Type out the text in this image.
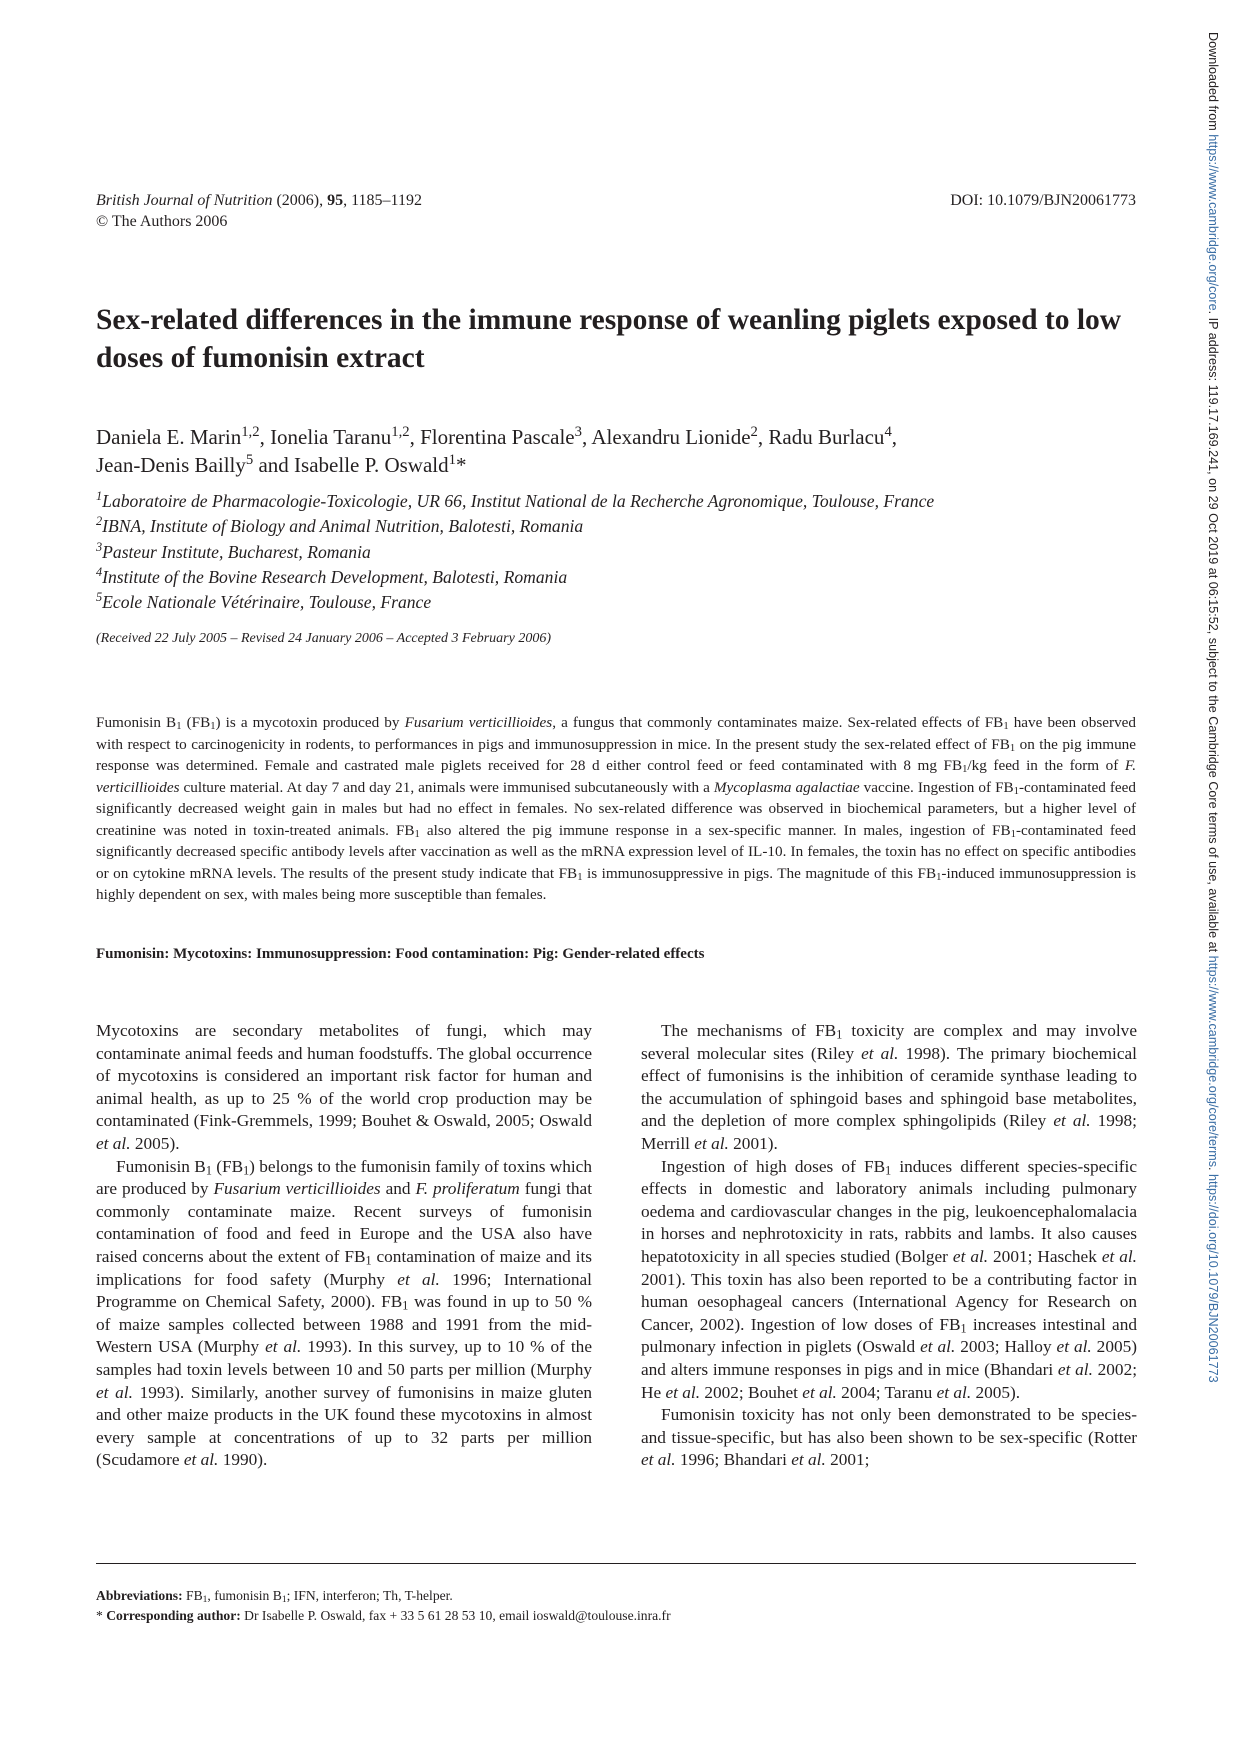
Downloaded from https://www.cambridge.org/core. IP address: 119.17.169.241, on 29 Oct 2019 at 06:15:52, subject to the Cambridge Core terms of use, available at https://www.cambridge.org/core/terms. https://doi.org/10.1079/BJN20061773
British Journal of Nutrition (2006), 95, 1185–1192
© The Authors 2006
DOI: 10.1079/BJN20061773
Sex-related differences in the immune response of weanling piglets exposed to low doses of fumonisin extract
Daniela E. Marin$^{1,2}$, Ionelia Taranu$^{1,2}$, Florentina Pascale$^3$, Alexandru Lionide$^2$, Radu Burlacu$^4$,
Jean-Denis Bailly$^5$ and Isabelle P. Oswald$^1$*
$^1$Laboratoire de Pharmacologie-Toxicologie, UR 66, Institut National de la Recherche Agronomique, Toulouse, France
$^2$IBNA, Institute of Biology and Animal Nutrition, Balotesti, Romania
$^3$Pasteur Institute, Bucharest, Romania
$^4$Institute of the Bovine Research Development, Balotesti, Romania
$^5$Ecole Nationale Vétérinaire, Toulouse, France
(Received 22 July 2005 – Revised 24 January 2006 – Accepted 3 February 2006)

Fumonisin $B_1$ $(FB_1)$ is a mycotoxin produced by Fusarium verticillioides, a fungus that commonly contaminates maize. Sex-related effects of $FB_1$ have been observed with respect to carcinogenicity in rodents, to performances in pigs and immunosuppression in mice. In the present study the sex-related effect of $FB_1$ on the pig immune response was determined. Female and castrated male piglets received for 28 d either control feed or feed contaminated with 8 mg $FB_1/kg$ feed in the form of F. verticillioides culture material. At day 7 and day 21, animals were immunised subcutaneously with a Mycoplasma agalactiae vaccine. Ingestion of $FB_1$-contaminated feed significantly decreased weight gain in males but had no effect in females. No sex-related difference was observed in biochemical parameters, but a higher level of creatinine was noted in toxin-treated animals. $FB_1$ also altered the pig immune response in a sex-specific manner. In males, ingestion of $FB_1$-contaminated feed significantly decreased specific antibody levels after vaccination as well as the mRNA expression level of IL-10. In females, the toxin has no effect on specific antibodies or on cytokine mRNA levels. The results of the present study indicate that $FB_1$ is immunosuppressive in pigs. The magnitude of this $FB_1$-induced immunosuppression is highly dependent on sex, with males being more susceptible than females.

Fumonisin: Mycotoxins: Immunosuppression: Food contamination: Pig: Gender-related effects

Mycotoxins are secondary metabolites of fungi, which may contaminate animal feeds and human foodstuffs. The global occurrence of mycotoxins is considered an important risk factor for human and animal health, as up to 25 % of the world crop production may be contaminated (Fink-Gremmels, 1999; Bouhet & Oswald, 2005; Oswald et al. 2005).

Fumonisin $B_1$ $(FB_1)$ belongs to the fumonisin family of toxins which are produced by Fusarium verticillioides and F. proliferatum fungi that commonly contaminate maize. Recent surveys of fumonisin contamination of food and feed in Europe and the USA also have raised concerns about the extent of $FB_1$ contamination of maize and its implications for food safety (Murphy et al. 1996; International Programme on Chemical Safety, 2000). $FB_1$ was found in up to 50 % of maize samples collected between 1988 and 1991 from the mid-Western USA (Murphy et al. 1993). In this survey, up to 10 % of the samples had toxin levels between 10 and 50 parts per million (Murphy et al. 1993). Similarly, another survey of fumonisins in maize gluten and other maize products in the UK found these mycotoxins in almost every sample at concentrations of up to 32 parts per million (Scudamore et al. 1990).

The mechanisms of $FB_1$ toxicity are complex and may involve several molecular sites (Riley et al. 1998). The primary biochemical effect of fumonisins is the inhibition of ceramide synthase leading to the accumulation of sphingoid bases and sphingoid base metabolites, and the depletion of more complex sphingolipids (Riley et al. 1998; Merrill et al. 2001).

Ingestion of high doses of $FB_1$ induces different species-specific effects in domestic and laboratory animals including pulmonary oedema and cardiovascular changes in the pig, leukoencephalomalacia in horses and nephrotoxicity in rats, rabbits and lambs. It also causes hepatotoxicity in all species studied (Bolger et al. 2001; Haschek et al. 2001). This toxin has also been reported to be a contributing factor in human oesophageal cancers (International Agency for Research on Cancer, 2002). Ingestion of low doses of $FB_1$ increases intestinal and pulmonary infection in piglets (Oswald et al. 2003; Halloy et al. 2005) and alters immune responses in pigs and in mice (Bhandari et al. 2002; He et al. 2002; Bouhet et al. 2004; Taranu et al. 2005).

Fumonisin toxicity has not only been demonstrated to be species- and tissue-specific, but has also been shown to be sex-specific (Rotter et al. 1996; Bhandari et al. 2001;

Abbreviations: $FB_1$, fumonisin $B_1$; IFN, interferon; Th, T-helper.
* Corresponding author: Dr Isabelle P. Oswald, fax + 33 5 61 28 53 10, email ioswald@toulouse.inra.fr
